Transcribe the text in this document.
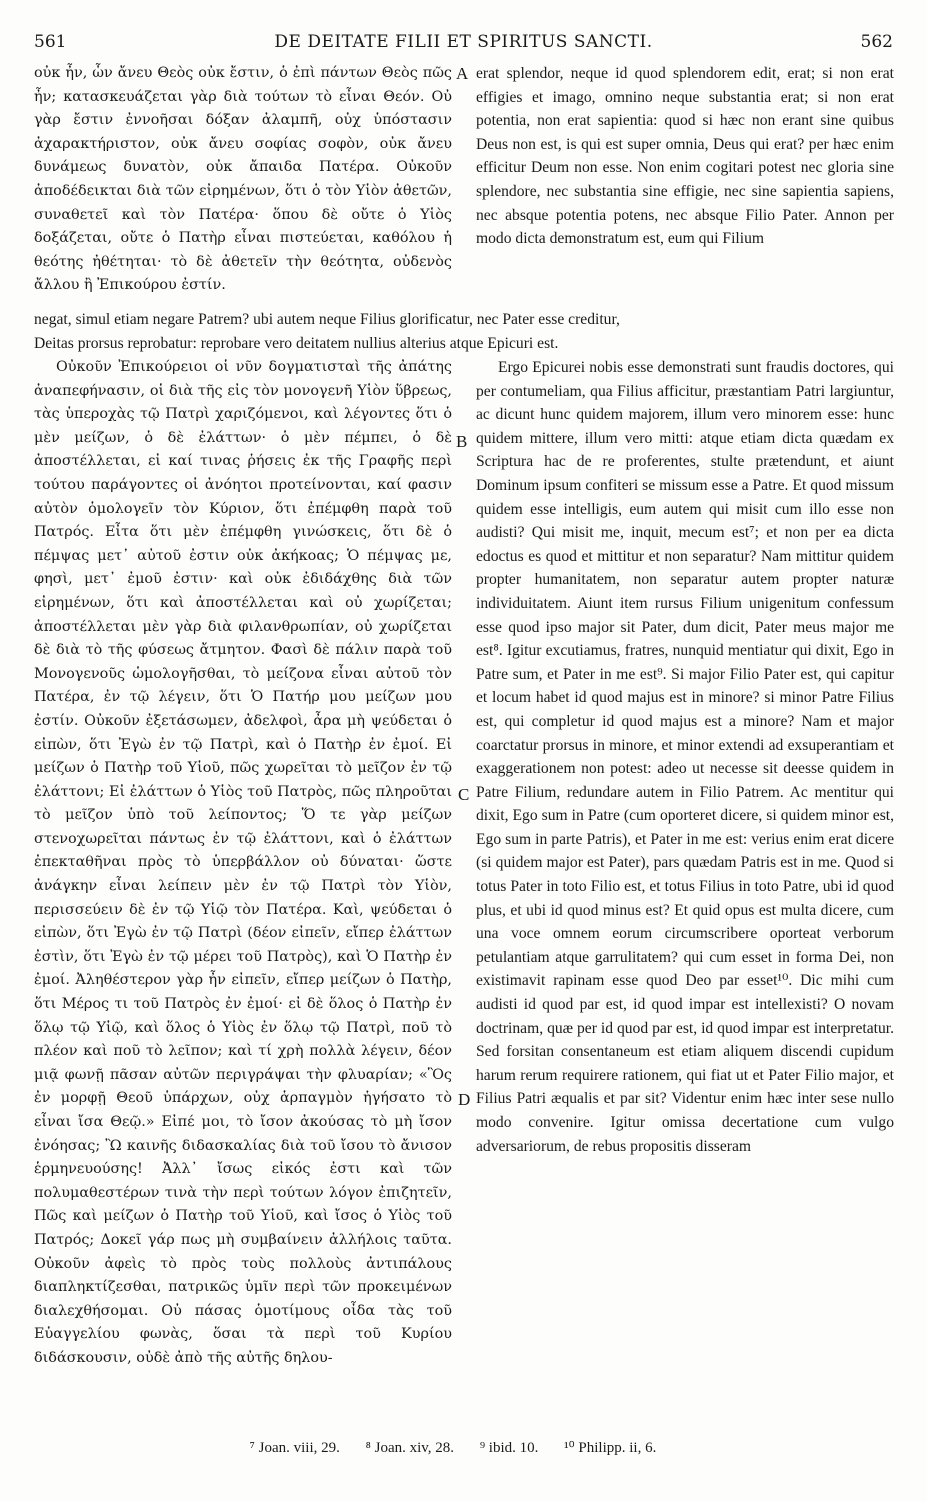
561	DE DEITATE FILII ET SPIRITUS SANCTI.	562

οὐκ ἦν, ὧν ἄνευ Θεὸς οὐκ ἔστιν, ὁ ἐπὶ πάντων Θεὸς πῶς ἦν; κατασκευάζεται γὰρ διὰ τούτων τὸ εἶναι Θεόν. Οὐ γὰρ ἔστιν ἐννοῆσαι δόξαν ἀλαμπῆ, οὐχ ὑπόστασιν ἀχαρακτήριστον, οὐκ ἄνευ σοφίας σοφὸν, οὐκ ἄνευ δυνάμεως δυνατὸν, οὐκ ἄπαιδα Πατέρα. Οὐκοῦν ἀποδέδεικται διὰ τῶν εἰρημένων, ὅτι ὁ τὸν Υἱὸν ἀθετῶν, συναθετεῖ καὶ τὸν Πατέρα· ὅπου δὲ οὔτε ὁ Υἱὸς δοξάζεται, οὔτε ὁ Πατὴρ εἶναι πιστεύεται, καθόλου ἡ θεότης ἠθέτηται· τὸ δὲ ἀθετεῖν τὴν θεότητα, οὐδενὸς ἄλλου ἢ Ἐπικούρου ἐστίν.

erat splendor, neque id quod splendorem edit, erat; si non erat effigies et imago, omnino neque substantia erat; si non erat potentia, non erat sapientia: quod si hæc non erant sine quibus Deus non est, is qui est super omnia, Deus qui erat? per hæc enim efficitur Deum non esse. Non enim cogitari potest nec gloria sine splendore, nec substantia sine effigie, nec sine sapientia sapiens, nec absque potentia potens, nec absque Filio Pater. Annon per modo dicta demonstratum est, eum qui Filium

A

negat, simul etiam negare Patrem? ubi autem neque Filius glorificatur, nec Pater esse creditur,

Deitas prorsus reprobatur: reprobare vero deitatem nullius alterius atque Epicuri est.

Οὐκοῦν Ἐπικούρειοι οἱ νῦν δογματισταὶ τῆς ἀπάτης ἀναπεφήνασιν, οἱ διὰ τῆς εἰς τὸν μονογενῆ Υἱὸν ὕβρεως, τὰς ὑπεροχὰς τῷ Πατρὶ χαριζόμενοι, καὶ λέγοντες ὅτι ὁ μὲν μείζων, ὁ δὲ ἐλάττων· ὁ μὲν πέμπει, ὁ δὲ ἀποστέλλεται, εἰ καί τινας ῥήσεις ἐκ τῆς Γραφῆς περὶ τούτου παράγοντες οἱ ἀνόητοι προτείνονται, καί φασιν αὐτὸν ὁμολογεῖν τὸν Κύριον, ὅτι ἐπέμφθη παρὰ τοῦ Πατρός. Εἶτα ὅτι μὲν ἐπέμφθη γινώσκεις, ὅτι δὲ ὁ πέμψας μετ᾽ αὐτοῦ ἐστιν οὐκ ἀκήκοας; Ὁ πέμψας με, φησὶ, μετ᾽ ἐμοῦ ἐστιν· καὶ οὐκ ἐδιδάχθης διὰ τῶν εἰρημένων, ὅτι καὶ ἀποστέλλεται καὶ οὐ χωρίζεται; ἀποστέλλεται μὲν γὰρ διὰ φιλανθρωπίαν, οὐ χωρίζεται δὲ διὰ τὸ τῆς φύσεως ἄτμητον. Φασὶ δὲ πάλιν παρὰ τοῦ Μονογενοῦς ὡμολογῆσθαι, τὸ μείζονα εἶναι αὐτοῦ τὸν Πατέρα, ἐν τῷ λέγειν, ὅτι Ὁ Πατήρ μου μείζων μου ἐστίν. Οὐκοῦν ἐξετάσωμεν, ἀδελφοὶ, ἆρα μὴ ψεύδεται ὁ εἰπὼν, ὅτι Ἐγὼ ἐν τῷ Πατρὶ, καὶ ὁ Πατὴρ ἐν ἐμοί. Εἰ μείζων ὁ Πατὴρ τοῦ Υἱοῦ, πῶς χωρεῖται τὸ μεῖζον ἐν τῷ ἐλάττονι; Εἰ ἐλάττων ὁ Υἱὸς τοῦ Πατρὸς, πῶς πληροῦται τὸ μεῖζον ὑπὸ τοῦ λείποντος; Ὅ τε γὰρ μείζων στενοχωρεῖται πάντως ἐν τῷ ἐλάττονι, καὶ ὁ ἐλάττων ἐπεκταθῆναι πρὸς τὸ ὑπερβάλλον οὐ δύναται· ὥστε ἀνάγκην εἶναι λείπειν μὲν ἐν τῷ Πατρὶ τὸν Υἱὸν, περισσεύειν δὲ ἐν τῷ Υἱῷ τὸν Πατέρα. Καὶ, ψεύδεται ὁ εἰπὼν, ὅτι Ἐγὼ ἐν τῷ Πατρὶ (δέον εἰπεῖν, εἴπερ ἐλάττων ἐστὶν, ὅτι Ἐγὼ ἐν τῷ μέρει τοῦ Πατρὸς), καὶ Ὁ Πατὴρ ἐν ἐμοί. Ἀληθέστερον γὰρ ἦν εἰπεῖν, εἴπερ μείζων ὁ Πατὴρ, ὅτι Μέρος τι τοῦ Πατρὸς ἐν ἐμοί· εἰ δὲ ὅλος ὁ Πατὴρ ἐν ὅλῳ τῷ Υἱῷ, καὶ ὅλος ὁ Υἱὸς ἐν ὅλῳ τῷ Πατρὶ, ποῦ τὸ πλέον καὶ ποῦ τὸ λεῖπον; καὶ τί χρὴ πολλὰ λέγειν, δέον μιᾷ φωνῇ πᾶσαν αὐτῶν περιγράψαι τὴν φλυαρίαν; «Ὃς ἐν μορφῇ Θεοῦ ὑπάρχων, οὐχ ἁρπαγμὸν ἡγήσατο τὸ εἶναι ἴσα Θεῷ.» Εἰπέ μοι, τὸ ἴσον ἀκούσας τὸ μὴ ἴσον ἐνόησας; Ὢ καινῆς διδασκαλίας διὰ τοῦ ἴσου τὸ ἄνισον ἑρμηνευούσης! Ἀλλ᾽ ἴσως εἰκός ἐστι καὶ τῶν πολυμαθεστέρων τινὰ τὴν περὶ τούτων λόγον ἐπιζητεῖν, Πῶς καὶ μείζων ὁ Πατὴρ τοῦ Υἱοῦ, καὶ ἴσος ὁ Υἱὸς τοῦ Πατρός; Δοκεῖ γάρ πως μὴ συμβαίνειν ἀλλήλοις ταῦτα. Οὐκοῦν ἀφεὶς τὸ πρὸς τοὺς πολλοὺς ἀντιπάλους διαπληκτίζεσθαι, πατρικῶς ὑμῖν περὶ τῶν προκειμένων διαλεχθήσομαι. Οὐ πάσας ὁμοτίμους οἶδα τὰς τοῦ Εὐαγγελίου φωνὰς, ὅσαι τὰ περὶ τοῦ Κυρίου διδάσκουσιν, οὐδὲ ἀπὸ τῆς αὐτῆς δηλου-

Ergo Epicurei nobis esse demonstrati sunt fraudis doctores, qui per contumeliam, qua Filius afficitur, præstantiam Patri largiuntur, ac dicunt hunc quidem majorem, illum vero minorem esse: hunc quidem mittere, illum vero mitti: atque etiam dicta quædam ex Scriptura hac de re proferentes, stulte prætendunt, et aiunt Dominum ipsum confiteri se missum esse a Patre. Et quod missum quidem esse intelligis, eum autem qui misit cum illo esse non audisti? Qui misit me, inquit, mecum est⁷; et non per ea dicta edoctus es quod et mittitur et non separatur? Nam mittitur quidem propter humanitatem, non separatur autem propter naturæ individuitatem. Aiunt item rursus Filium unigenitum confessum esse quod ipso major sit Pater, dum dicit, Pater meus major me est⁸. Igitur excutiamus, fratres, nunquid mentiatur qui dixit, Ego in Patre sum, et Pater in me est⁹. Si major Filio Pater est, qui capitur et locum habet id quod majus est in minore? si minor Patre Filius est, qui completur id quod majus est a minore? Nam et major coarctatur prorsus in minore, et minor extendi ad exsuperantiam et exaggerationem non potest: adeo ut necesse sit deesse quidem in Patre Filium, redundare autem in Filio Patrem. Ac mentitur qui dixit, Ego sum in Patre (cum oporteret dicere, si quidem minor est, Ego sum in parte Patris), et Pater in me est: verius enim erat dicere (si quidem major est Pater), pars quædam Patris est in me. Quod si totus Pater in toto Filio est, et totus Filius in toto Patre, ubi id quod plus, et ubi id quod minus est? Et quid opus est multa dicere, cum una voce omnem eorum circumscribere oporteat verborum petulantiam atque garrulitatem? qui cum esset in forma Dei, non existimavit rapinam esse quod Deo par esset¹⁰. Dic mihi cum audisti id quod par est, id quod impar est intellexisti? O novam doctrinam, quæ per id quod par est, id quod impar est interpretatur. Sed forsitan consentaneum est etiam aliquem discendi cupidum harum rerum requirere rationem, qui fiat ut et Pater Filio major, et Filius Patri æqualis et par sit? Videntur enim hæc inter sese nullo modo convenire. Igitur omissa decertatione cum vulgo adversariorum, de rebus propositis disseram

B
C
D
⁷ Joan. viii, 29. ⁸ Joan. xiv, 28. ⁹ ibid. 10. ¹⁰ Philipp. ii, 6.
